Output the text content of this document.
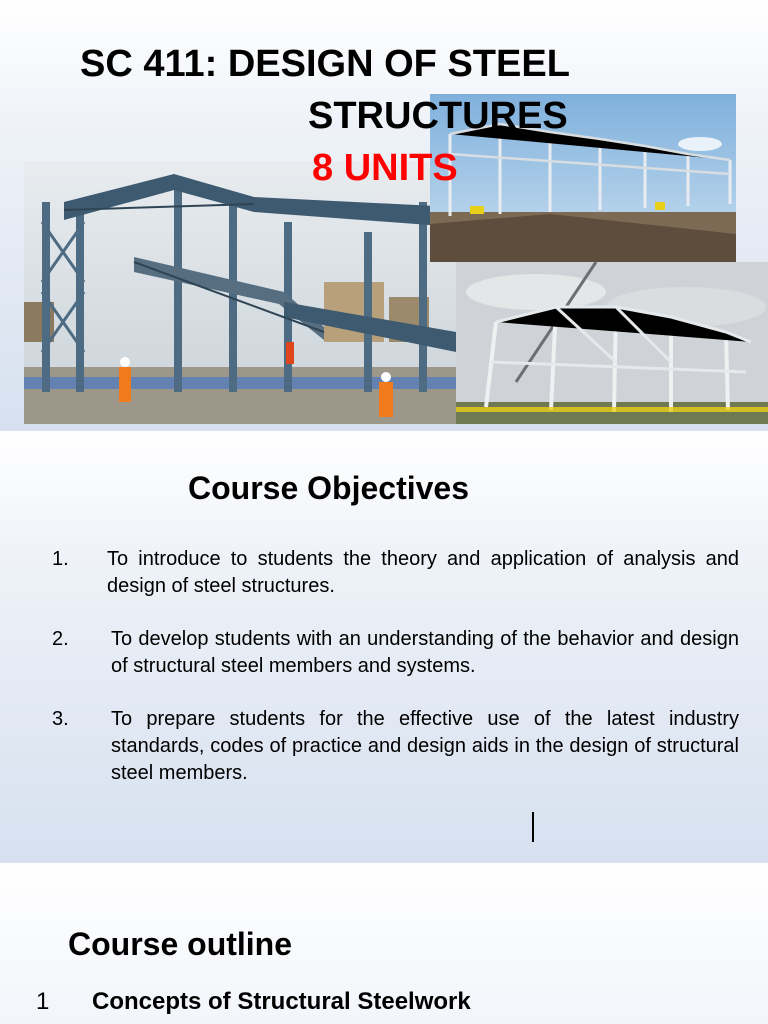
SC 411: DESIGN OF STEEL
STRUCTURES
8 UNITS
Course Objectives
1. To introduce to students the theory and application of analysis and design of steel structures.
2. To develop students with an understanding of the behavior and design of structural steel members and systems.
3. To prepare students for the effective use of the latest industry standards, codes of practice and design aids in the design of structural steel members.
Course outline
1 Concepts of Structural Steelwork
